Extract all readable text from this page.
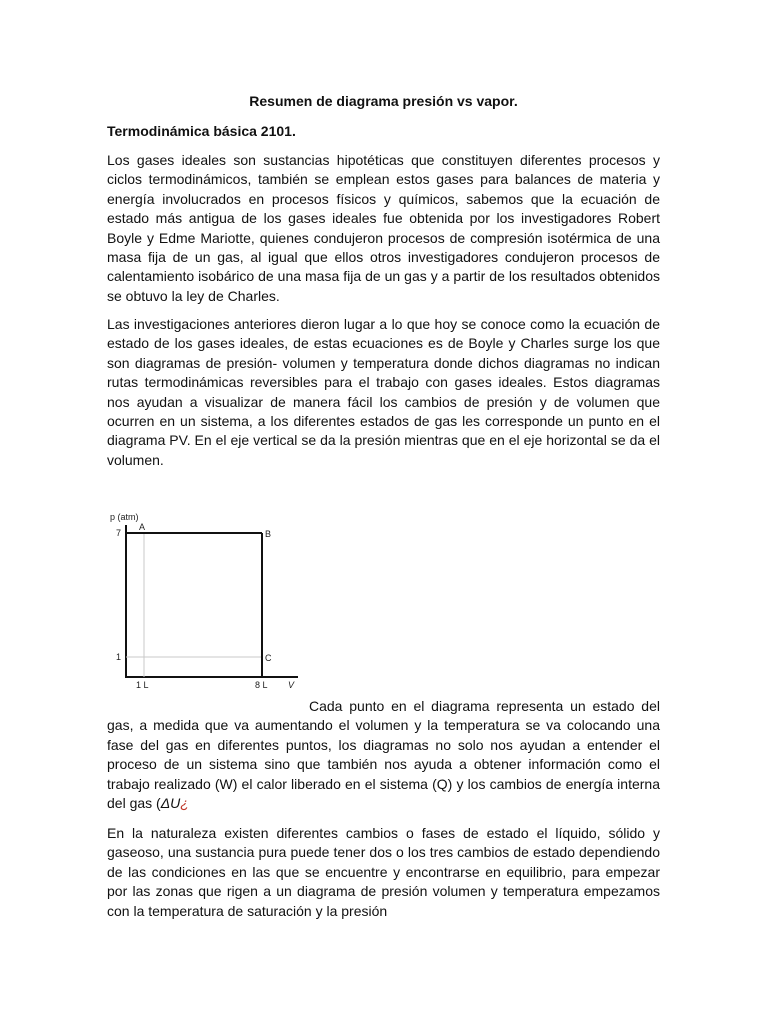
Resumen de diagrama presión vs vapor.
Termodinámica básica 2101.

Los gases ideales son sustancias hipotéticas que constituyen diferentes procesos y ciclos termodinámicos, también se emplean estos gases para balances de materia y energía involucrados en procesos físicos y químicos, sabemos que la ecuación de estado más antigua de los gases ideales fue obtenida por los investigadores Robert Boyle y Edme Mariotte, quienes condujeron procesos de compresión isotérmica de una masa fija de un gas, al igual que ellos otros investigadores condujeron procesos de calentamiento isobárico de una masa fija de un gas y a partir de los resultados obtenidos se obtuvo la ley de Charles.

Las investigaciones anteriores dieron lugar a lo que hoy se conoce como la ecuación de estado de los gases ideales, de estas ecuaciones es de Boyle y Charles surge los que son diagramas de presión- volumen y temperatura donde dichos diagramas no indican rutas termodinámicas reversibles para el trabajo con gases ideales. Estos diagramas nos ayudan a visualizar de manera fácil los cambios de presión y de volumen que ocurren en un sistema, a los diferentes estados de gas les corresponde un punto en el diagrama PV. En el eje vertical se da la presión mientras que en el eje horizontal se da el volumen.

Cada punto en el diagrama representa un estado del gas, a medida que va aumentando el volumen y la temperatura se va colocando una fase del gas en diferentes puntos, los diagramas no solo nos ayudan a entender el proceso de un sistema sino que también nos ayuda a obtener información como el trabajo realizado (W) el calor liberado en el sistema (Q) y los cambios de energía interna del gas (ΔU¿

En la naturaleza existen diferentes cambios o fases de estado el líquido, sólido y gaseoso, una sustancia pura puede tener dos o los tres cambios de estado dependiendo de las condiciones en las que se encuentre y encontrarse en equilibrio, para empezar por las zonas que rigen a un diagrama de presión volumen y temperatura empezamos con la temperatura de saturación y la presión

p (atm)
7
1
1 L	8 L V
A
B
C
